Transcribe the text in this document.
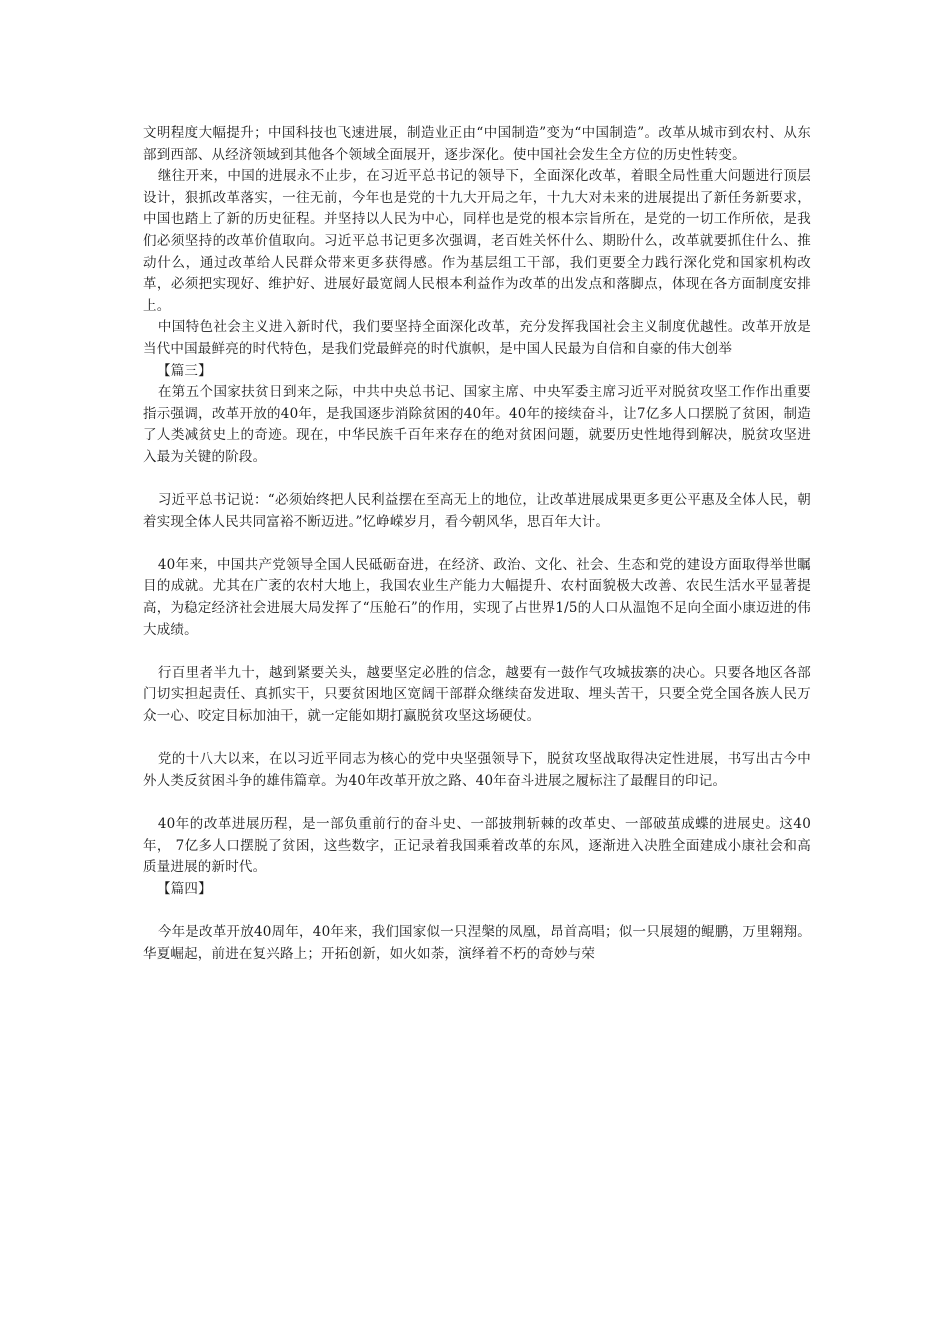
文明程度大幅提升；中国科技也飞速进展，制造业正由“中国制造”变为“中国制造”。改革从城市到农村、从东部到西部、从经济领域到其他各个领域全面展开，逐步深化。使中国社会发生全方位的历史性转变。

继往开来，中国的进展永不止步，在习近平总书记的领导下，全面深化改革，着眼全局性重大问题进行顶层设计，狠抓改革落实，一往无前，今年也是党的十九大开局之年，十九大对未来的进展提出了新任务新要求，中国也踏上了新的历史征程。并坚持以人民为中心，同样也是党的根本宗旨所在，是党的一切工作所依，是我们必须坚持的改革价值取向。习近平总书记更多次强调，老百姓关怀什么、期盼什么，改革就要抓住什么、推动什么，通过改革给人民群众带来更多获得感。作为基层组工干部，我们更要全力践行深化党和国家机构改革，必须把实现好、维护好、进展好最宽阔人民根本利益作为改革的出发点和落脚点，体现在各方面制度安排上。

中国特色社会主义进入新时代，我们要坚持全面深化改革，充分发挥我国社会主义制度优越性。改革开放是当代中国最鲜亮的时代特色，是我们党最鲜亮的时代旗帜，是中国人民最为自信和自豪的伟大创举

【篇三】

在第五个国家扶贫日到来之际，中共中央总书记、国家主席、中央军委主席习近平对脱贫攻坚工作作出重要指示强调，改革开放的40年，是我国逐步消除贫困的40年。40年的接续奋斗，让7亿多人口摆脱了贫困，制造了人类减贫史上的奇迹。现在，中华民族千百年来存在的绝对贫困问题，就要历史性地得到解决，脱贫攻坚进入最为关键的阶段。

习近平总书记说：“必须始终把人民利益摆在至高无上的地位，让改革进展成果更多更公平惠及全体人民，朝着实现全体人民共同富裕不断迈进。”忆峥嵘岁月，看今朝风华，思百年大计。

40年来，中国共产党领导全国人民砥砺奋进，在经济、政治、文化、社会、生态和党的建设方面取得举世瞩目的成就。尤其在广袤的农村大地上，我国农业生产能力大幅提升、农村面貌极大改善、农民生活水平显著提高，为稳定经济社会进展大局发挥了“压舱石”的作用，实现了占世界1/5的人口从温饱不足向全面小康迈进的伟大成绩。

行百里者半九十，越到紧要关头，越要坚定必胜的信念，越要有一鼓作气攻城拔寨的决心。只要各地区各部门切实担起责任、真抓实干，只要贫困地区宽阔干部群众继续奋发进取、埋头苦干，只要全党全国各族人民万众一心、咬定目标加油干，就一定能如期打赢脱贫攻坚这场硬仗。

党的十八大以来，在以习近平同志为核心的党中央坚强领导下，脱贫攻坚战取得决定性进展，书写出古今中外人类反贫困斗争的雄伟篇章。为40年改革开放之路、40年奋斗进展之履标注了最醒目的印记。

40年的改革进展历程，是一部负重前行的奋斗史、一部披荆斩棘的改革史、一部破茧成蝶的进展史。这40年， 7亿多人口摆脱了贫困，这些数字，正记录着我国乘着改革的东风，逐渐进入决胜全面建成小康社会和高质量进展的新时代。

【篇四】

今年是改革开放40周年，40年来，我们国家似一只涅槃的凤凰，昂首高唱；似一只展翅的鲲鹏，万里翱翔。华夏崛起，前进在复兴路上；开拓创新，如火如荼，演绎着不朽的奇妙与荣
